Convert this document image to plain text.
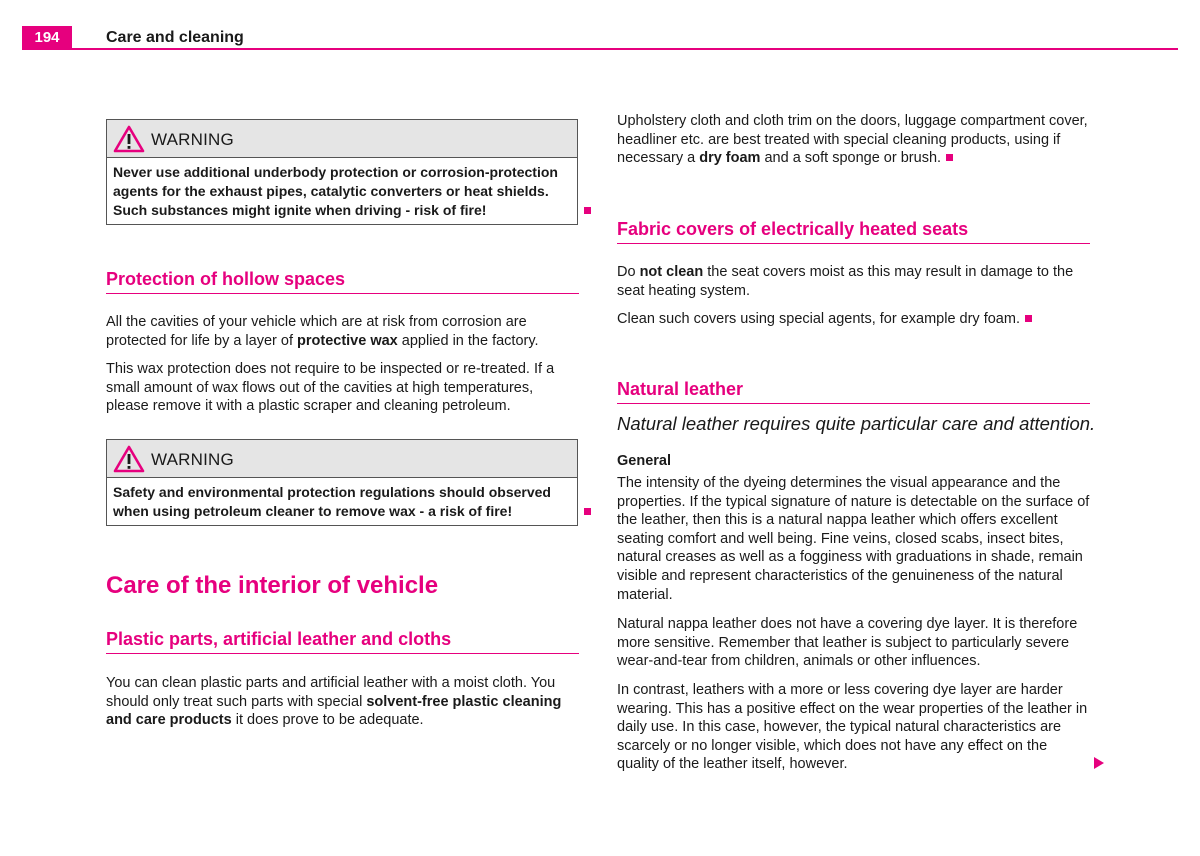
194	Care and cleaning
WARNING
Never use additional underbody protection or corrosion-protection agents for the exhaust pipes, catalytic converters or heat shields. Such substances might ignite when driving - risk of fire!
Protection of hollow spaces

All the cavities of your vehicle which are at risk from corrosion are protected for life by a layer of protective wax applied in the factory.

This wax protection does not require to be inspected or re-treated. If a small amount of wax flows out of the cavities at high temperatures, please remove it with a plastic scraper and cleaning petroleum.

WARNING
Safety and environmental protection regulations should observed when using petroleum cleaner to remove wax - a risk of fire!
Care of the interior of vehicle
Plastic parts, artificial leather and cloths

You can clean plastic parts and artificial leather with a moist cloth. You should only treat such parts with special solvent-free plastic cleaning and care products it does prove to be adequate.

Upholstery cloth and cloth trim on the doors, luggage compartment cover, headliner etc. are best treated with special cleaning products, using if necessary a dry foam and a soft sponge or brush.

Fabric covers of electrically heated seats

Do not clean the seat covers moist as this may result in damage to the seat heating system.

Clean such covers using special agents, for example dry foam.

Natural leather
Natural leather requires quite particular care and attention.
General

The intensity of the dyeing determines the visual appearance and the properties. If the typical signature of nature is detectable on the surface of the leather, then this is a natural nappa leather which offers excellent seating comfort and well being. Fine veins, closed scabs, insect bites, natural creases as well as a fogginess with graduations in shade, remain visible and represent characteristics of the genuineness of the natural material.

Natural nappa leather does not have a covering dye layer. It is therefore more sensitive. Remember that leather is subject to particularly severe wear-and-tear from children, animals or other influences.

In contrast, leathers with a more or less covering dye layer are harder wearing. This has a positive effect on the wear properties of the leather in daily use. In this case, however, the typical natural characteristics are scarcely or no longer visible, which does not have any effect on the quality of the leather itself, however.
